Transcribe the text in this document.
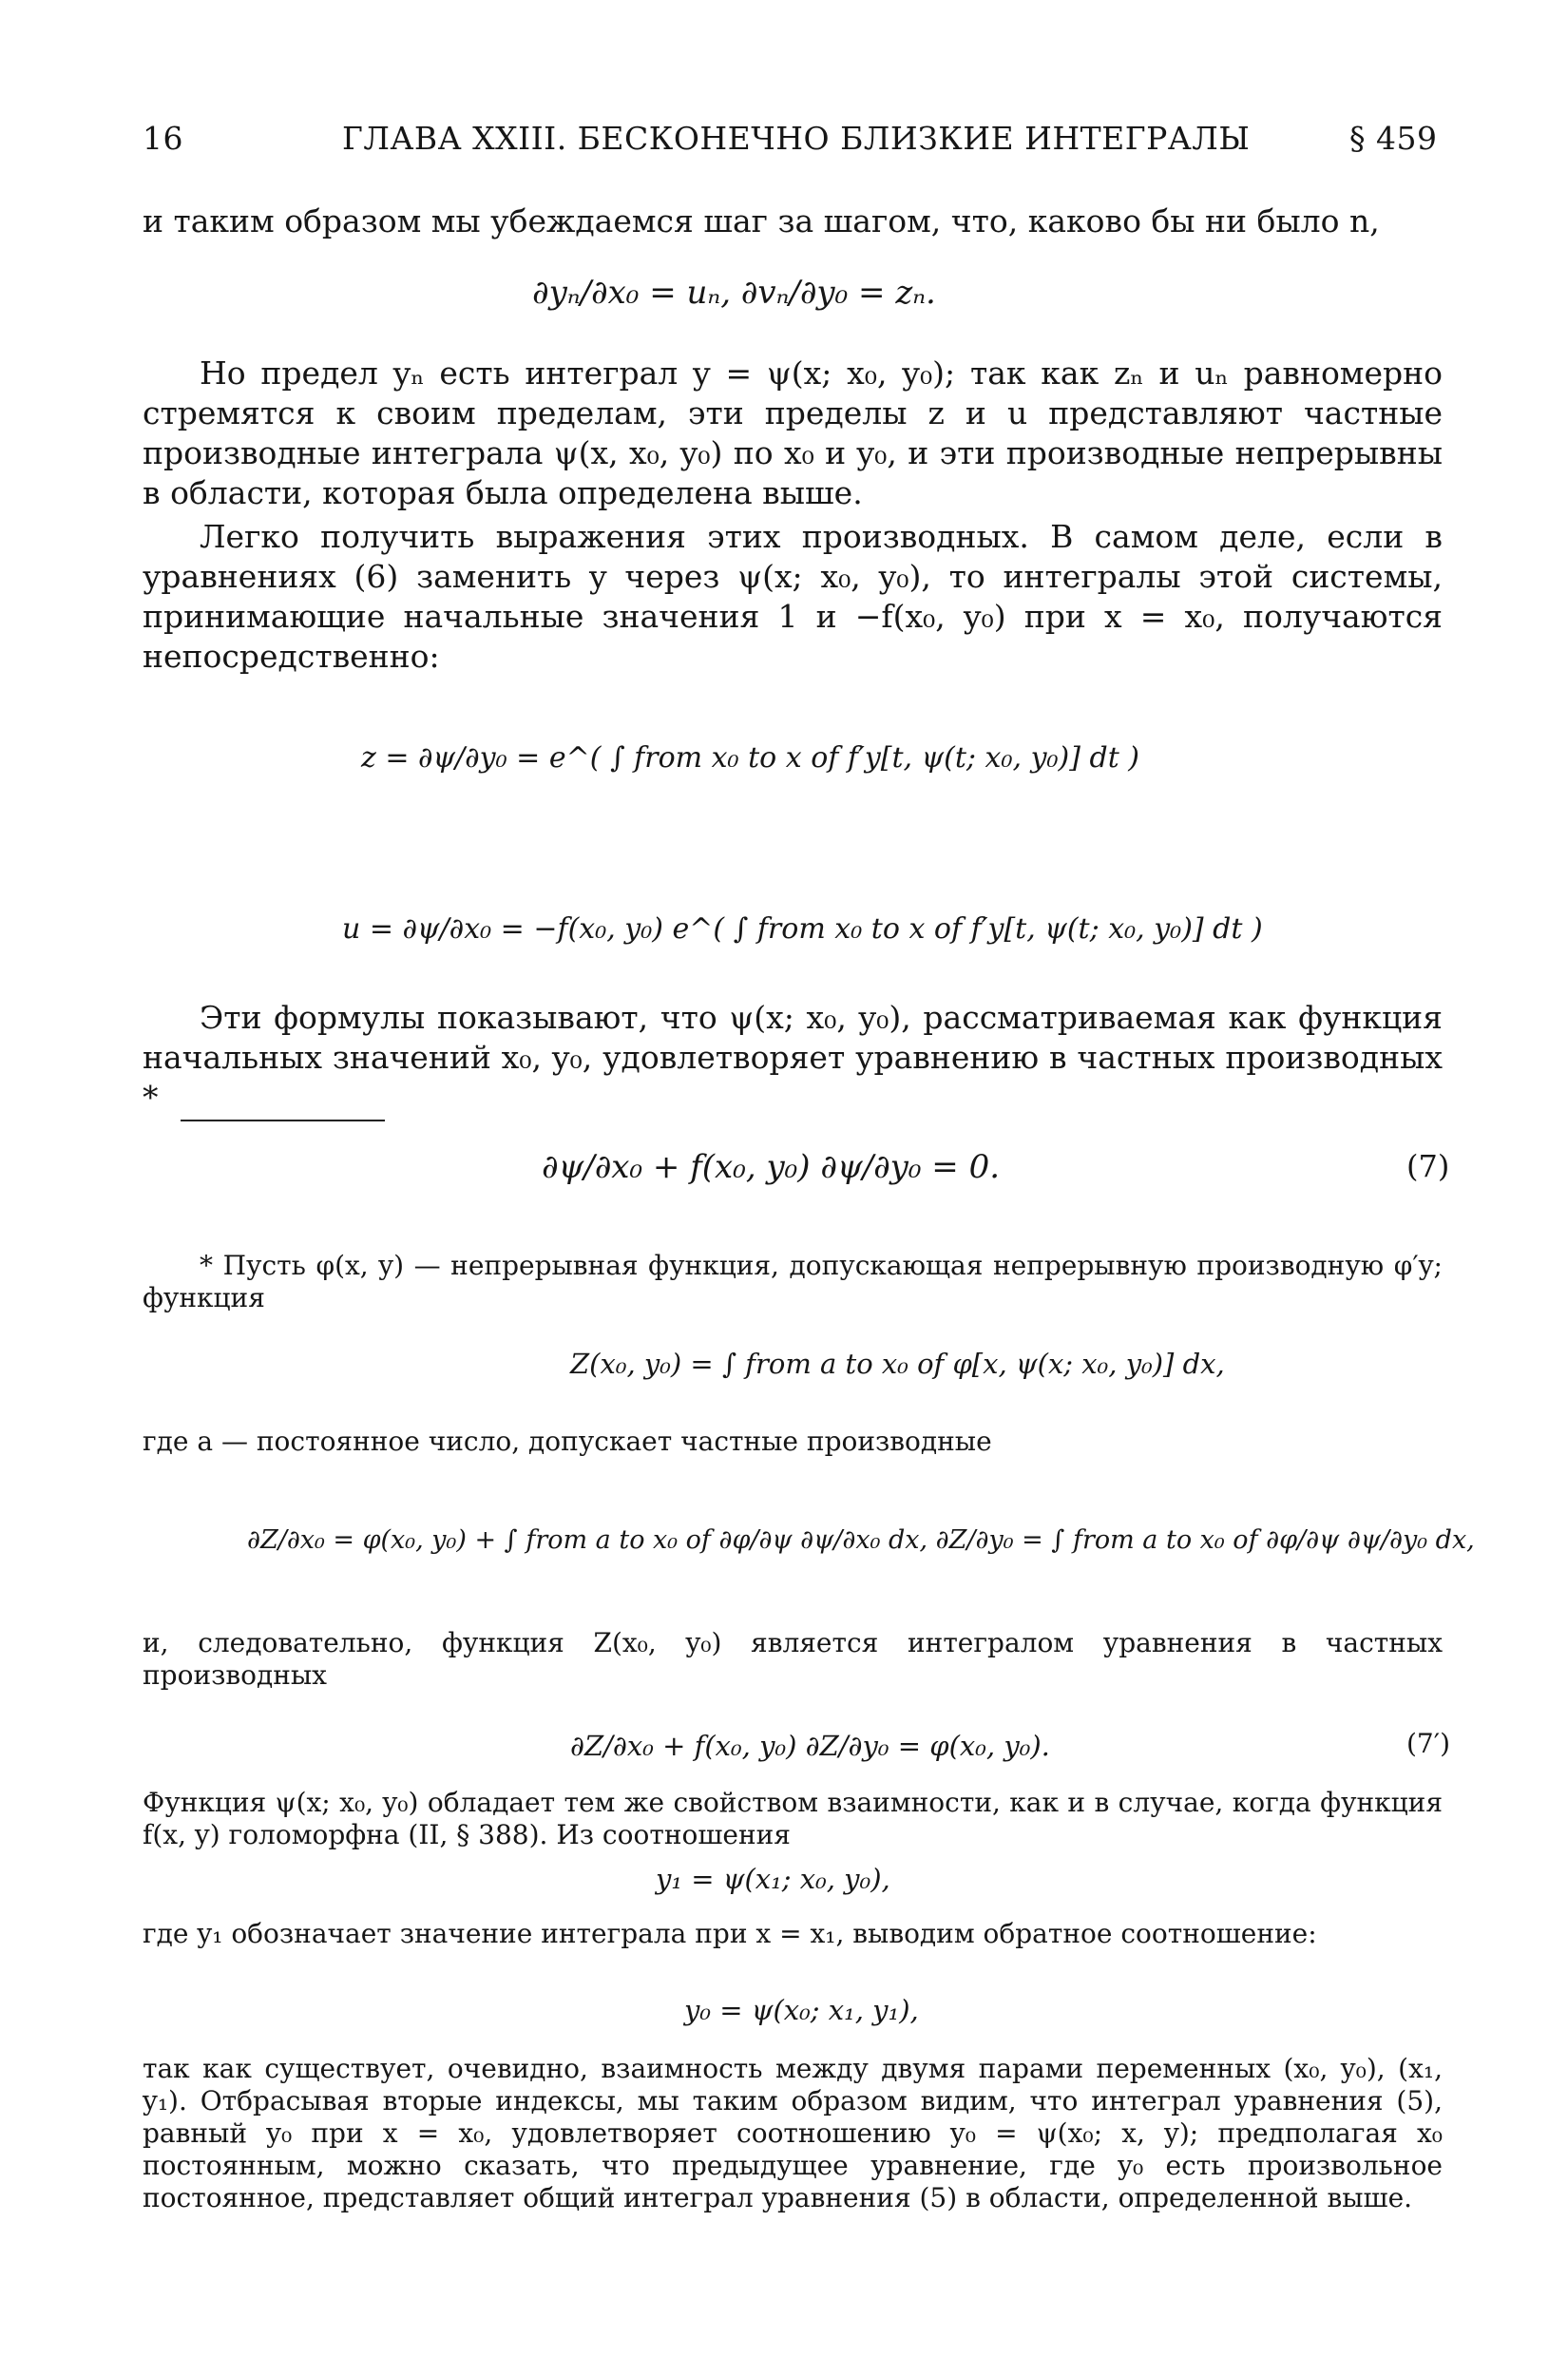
16	ГЛАВА XXIII. БЕСКОНЕЧНО БЛИЗКИЕ ИНТЕГРАЛЫ	§ 459
и таким образом мы убеждаемся шаг за шагом, что, каково бы ни было n,
∂yₙ/∂x₀ = uₙ, ∂vₙ/∂y₀ = zₙ.
Но предел yₙ есть интеграл y = ψ(x; x₀, y₀); так как zₙ и uₙ равномерно стремятся к своим пределам, эти пределы z и u представляют частные производные интеграла ψ(x, x₀, y₀) по x₀ и y₀, и эти производные непрерывны в области, которая была определена выше.
Легко получить выражения этих производных. В самом деле, если в уравнениях (6) заменить y через ψ(x; x₀, y₀), то интегралы этой системы, принимающие начальные значения 1 и −f(x₀, y₀) при x = x₀, получаются непосредственно:
z = ∂ψ/∂y₀ = e^( ∫ from x₀ to x of f′y[t, ψ(t; x₀, y₀)] dt )
u = ∂ψ/∂x₀ = −f(x₀, y₀) e^( ∫ from x₀ to x of f′y[t, ψ(t; x₀, y₀)] dt )
Эти формулы показывают, что ψ(x; x₀, y₀), рассматриваемая как функция начальных значений x₀, y₀, удовлетворяет уравнению в частных производных *
∂ψ/∂x₀ + f(x₀, y₀) ∂ψ/∂y₀ = 0.	(7)
* Пусть φ(x, y) — непрерывная функция, допускающая непрерывную производную φ′y; функция
Z(x₀, y₀) = ∫ from a to x₀ of φ[x, ψ(x; x₀, y₀)] dx,
где a — постоянное число, допускает частные производные
∂Z/∂x₀ = φ(x₀, y₀) + ∫ from a to x₀ of ∂φ/∂ψ ∂ψ/∂x₀ dx, ∂Z/∂y₀ = ∫ from a to x₀ of ∂φ/∂ψ ∂ψ/∂y₀ dx,
и, следовательно, функция Z(x₀, y₀) является интегралом уравнения в частных производных
∂Z/∂x₀ + f(x₀, y₀) ∂Z/∂y₀ = φ(x₀, y₀).	(7′)
Функция ψ(x; x₀, y₀) обладает тем же свойством взаимности, как и в случае, когда функция f(x, y) голоморфна (II, § 388). Из соотношения
y₁ = ψ(x₁; x₀, y₀),
где y₁ обозначает значение интеграла при x = x₁, выводим обратное соотношение:
y₀ = ψ(x₀; x₁, y₁),
так как существует, очевидно, взаимность между двумя парами переменных (x₀, y₀), (x₁, y₁). Отбрасывая вторые индексы, мы таким образом видим, что интеграл уравнения (5), равный y₀ при x = x₀, удовлетворяет соотношению y₀ = ψ(x₀; x, y); предполагая x₀ постоянным, можно сказать, что предыдущее уравнение, где y₀ есть произвольное постоянное, представляет общий интеграл уравнения (5) в области, определенной выше.
